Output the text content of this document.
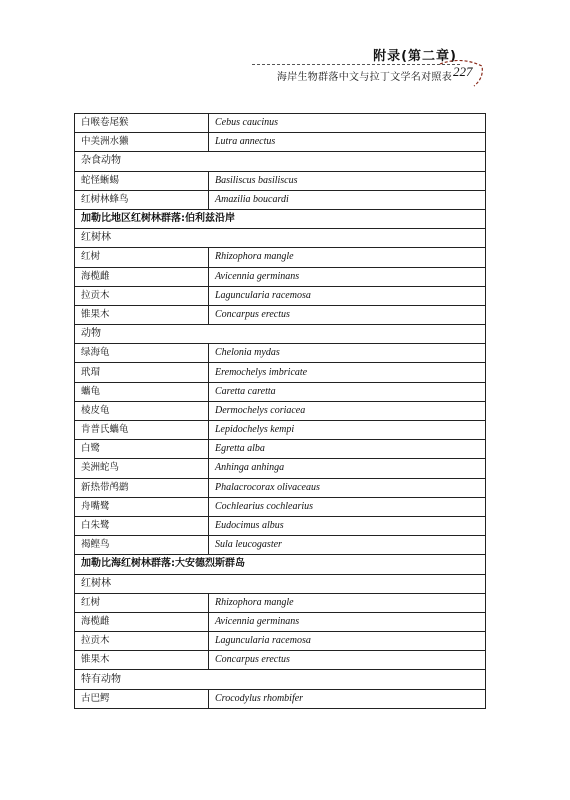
附录(第二章)
227
海岸生物群落中文与拉丁文学名对照表
白喉卷尾猴	Cebus caucinus
中美洲水獭	Lutra annectus
杂食动物	
蛇怪蜥蜴	Basiliscus basiliscus
红树林蜂鸟	Amazilia boucardi
加勒比地区红树林群落:伯利兹沿岸	
红树林	
红树	Rhizophora mangle
海榄雌	Avicennia germinans
拉贡木	Laguncularia racemosa
锥果木	Concarpus erectus
动物	
绿海龟	Chelonia mydas
玳瑁	Eremochelys imbricate
蠵龟	Caretta caretta
棱皮龟	Dermochelys coriacea
肯普氏蠵龟	Lepidochelys kempi
白鹭	Egretta alba
美洲蛇鸟	Anhinga anhinga
新热带鸬鹚	Phalacrocorax olivaceaus
舟嘴鹭	Cochlearius cochlearius
白朱鹭	Eudocimus albus
褐鲣鸟	Sula leucogaster
加勒比海红树林群落:大安德烈斯群岛	
红树林	
红树	Rhizophora mangle
海榄雌	Avicennia germinans
拉贡木	Laguncularia racemosa
锥果木	Concarpus erectus
特有动物	
古巴鳄	Crocodylus rhombifer
